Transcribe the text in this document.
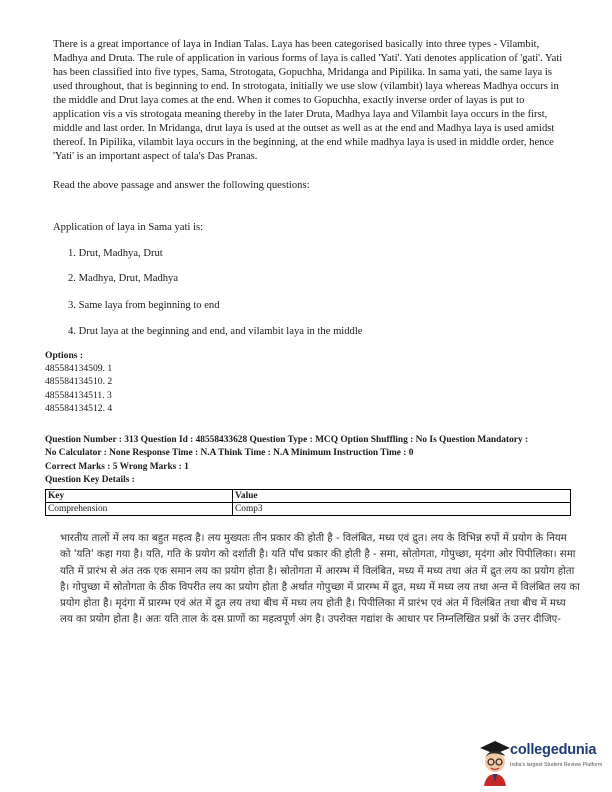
There is a great importance of laya in Indian Talas. Laya has been categorised basically into three types - Vilambit, Madhya and Druta. The rule of application in various forms of laya is called 'Yati'. Yati denotes application of 'gati'. Yati has been classified into five types, Sama, Strotogata, Gopuchha, Mridanga and Pipilika. In sama yati, the same laya is used throughout, that is beginning to end. In strotogata, initially we use slow (vilambit) laya whereas Madhya occurs in the middle and Drut laya comes at the end. When it comes to Gopuchha, exactly inverse order of layas is put to application vis a vis strotogata meaning thereby in the later Druta, Madhya laya and Vilambit laya occurs in the first, middle and last order. In Mridanga, drut laya is used at the outset as well as at the end and Madhya laya is used amidst thereof. In Pipilika, vilambit laya occurs in the beginning, at the end while madhya laya is used in middle order, hence 'Yati' is an important aspect of tala's Das Pranas.

Read the above passage and answer the following questions:

Application of laya in Sama yati is:

1. Drut, Madhya, Drut

2. Madhya, Drut, Madhya

3. Same laya from beginning to end

4. Drut laya at the beginning and end, and vilambit laya in the middle

Options :

485584134509. 1

485584134510. 2

485584134511. 3

485584134512. 4

Question Number : 313 Question Id : 48558433628 Question Type : MCQ Option Shuffling : No Is Question Mandatory :

No Calculator : None Response Time : N.A Think Time : N.A Minimum Instruction Time : 0

Correct Marks : 5 Wrong Marks : 1

Question Key Details :

Key	Value
Comprehension	Comp3

भारतीय तालों में लय का बहुत महत्व है। लय मुख्यतः तीन प्रकार की होती है - विलंबित, मध्य एवं द्रुत। लय के विभिन्न रुपों में प्रयोग के नियम को 'यति' कहा गया है। यति, गति के प्रयोग को दर्शाती है। यति पाँच प्रकार की होती है - समा, स्रोतोगता, गोपुच्छा, मृदंगा ओर पिपीलिका। समा यति में प्रारंभ से अंत तक एक समान लय का प्रयोग होता है। स्रोतोगता में आरम्भ में विलंबित, मध्य में मध्य तथा अंत में द्रुत लय का प्रयोग होता है। गोपुच्छा में स्रोतोगता के ठीक विपरीत लय का प्रयोग होता है अर्थात गोपुच्छा में प्रारम्भ में द्रुत, मध्य में मध्य लय तथा अन्त में विलंबित लय का प्रयोग होता है। मृदंगा में प्रारम्भ एवं अंत में द्रुत लय तथा बीच में मध्य लय होती है। पिपीलिका में प्रारंभ एवं अंत में विलंबित तथा बीच में मध्य लय का प्रयोग होता है। अतः यति ताल के दस प्राणों का महत्वपूर्ण अंग है। उपरोक्त गद्यांश के आधार पर निम्नलिखित प्रश्नों के उत्तर दीजिए-

collegedunia
India's largest Student Review Platform
